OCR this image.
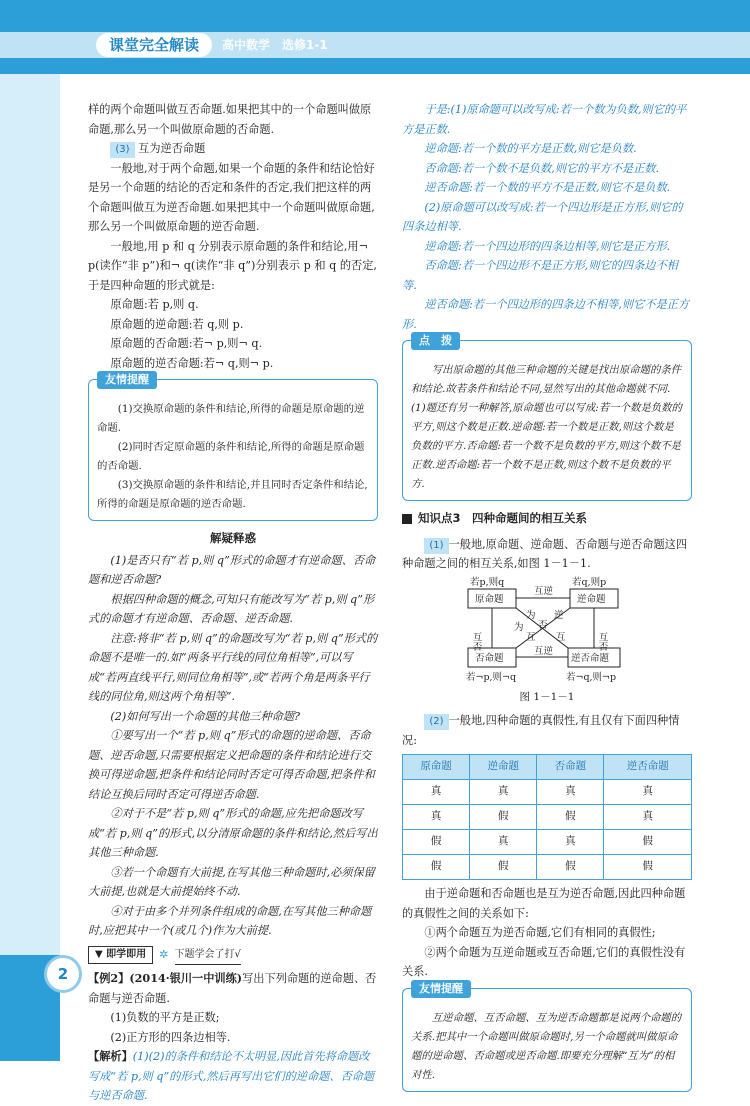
课堂完全解读	高中数学　选修1-1
2

样的两个命题叫做互否命题.如果把其中的一个命题叫做原命题,那么另一个叫做原命题的否命题.

(3) 互为逆否命题

一般地,对于两个命题,如果一个命题的条件和结论恰好是另一个命题的结论的否定和条件的否定,我们把这样的两个命题叫做互为逆否命题.如果把其中一个命题叫做原命题,那么另一个叫做原命题的逆否命题.

一般地,用 p 和 q 分别表示原命题的条件和结论,用¬ p(读作“非 p”)和¬ q(读作“非 q”)分别表示 p 和 q 的否定,于是四种命题的形式就是:

原命题:若 p,则 q.

原命题的逆命题:若 q,则 p.

原命题的否命题:若¬ p,则¬ q.

原命题的逆否命题:若¬ q,则¬ p.

友情提醒

(1)交换原命题的条件和结论,所得的命题是原命题的逆命题.

(2)同时否定原命题的条件和结论,所得的命题是原命题的否命题.

(3)交换原命题的条件和结论,并且同时否定条件和结论,所得的命题是原命题的逆否命题.

解疑释惑

(1)是否只有“若 p,则 q”形式的命题才有逆命题、否命题和逆否命题?

根据四种命题的概念,可知只有能改写为“若 p,则 q”形式的命题才有逆命题、否命题、逆否命题.

注意:将非“若 p,则 q”的命题改写为“若 p,则 q”形式的命题不是唯一的.如“两条平行线的同位角相等”,可以写成“若两直线平行,则同位角相等”,或“若两个角是两条平行线的同位角,则这两个角相等”.

(2)如何写出一个命题的其他三种命题?

①要写出一个“若 p,则 q”形式的命题的逆命题、否命题、逆否命题,只需要根据定义把命题的条件和结论进行交换可得逆命题,把条件和结论同时否定可得否命题,把条件和结论互换后同时否定可得逆否命题.

②对于不是“若 p,则 q”形式的命题,应先把命题改写成“若 p,则 q”的形式,以分清原命题的条件和结论,然后写出其他三种命题.

③若一个命题有大前提,在写其他三种命题时,必须保留大前提,也就是大前提始终不动.

④对于由多个并列条件组成的命题,在写其他三种命题时,应把其中一个(或几个)作为大前提.

▼ 即学即用	✲ 下题学会了打√

【例2】(2014·银川一中训练)写出下列命题的逆命题、否命题与逆否命题.

(1)负数的平方是正数;

(2)正方形的四条边相等.

【解析】(1)(2)的条件和结论不太明显,因此首先将命题改写成“若 p,则 q”的形式,然后再写出它们的逆命题、否命题与逆否命题.

于是:(1)原命题可以改写成:若一个数为负数,则它的平方是正数.

逆命题:若一个数的平方是正数,则它是负数.

否命题:若一个数不是负数,则它的平方不是正数.

逆否命题:若一个数的平方不是正数,则它不是负数.

(2)原命题可以改写成:若一个四边形是正方形,则它的四条边相等.

逆命题:若一个四边形的四条边相等,则它是正方形.

否命题:若一个四边形不是正方形,则它的四条边不相等.

逆否命题:若一个四边形的四条边不相等,则它不是正方形.

点　拨

写出原命题的其他三种命题的关键是找出原命题的条件和结论.故若条件和结论不同,显然写出的其他命题就不同.(1)题还有另一种解答,原命题也可以写成:若一个数是负数的平方,则这个数是正数.逆命题:若一个数是正数,则这个数是负数的平方.否命题:若一个数不是负数的平方,则这个数不是正数.逆否命题:若一个数不是正数,则这个数不是负数的平方.

知识点3　四种命题间的相互关系

(1) 一般地,原命题、逆命题、否命题与逆否命题这四种命题之间的相互关系,如图 1－1－1.

若p,则q	若q,则p
原命题	逆命题
否命题	逆否命题
若¬p,则¬q	若¬q,则¬p
互逆
互逆
互否	互否
为 逆
否
互
为
互
图 1－1－1

(2) 一般地,四种命题的真假性,有且仅有下面四种情况:

原命题	逆命题	否命题	逆否命题
真	真	真	真
真	假	假	真
假	真	真	假
假	假	假	假

由于逆命题和否命题也是互为逆否命题,因此四种命题的真假性之间的关系如下:

①两个命题互为逆否命题,它们有相同的真假性;

②两个命题为互逆命题或互否命题,它们的真假性没有关系.

友情提醒

互逆命题、互否命题、互为逆否命题都是说两个命题的关系.把其中一个命题叫做原命题时,另一个命题就叫做原命题的逆命题、否命题或逆否命题.即要充分理解“互为”的相对性.
